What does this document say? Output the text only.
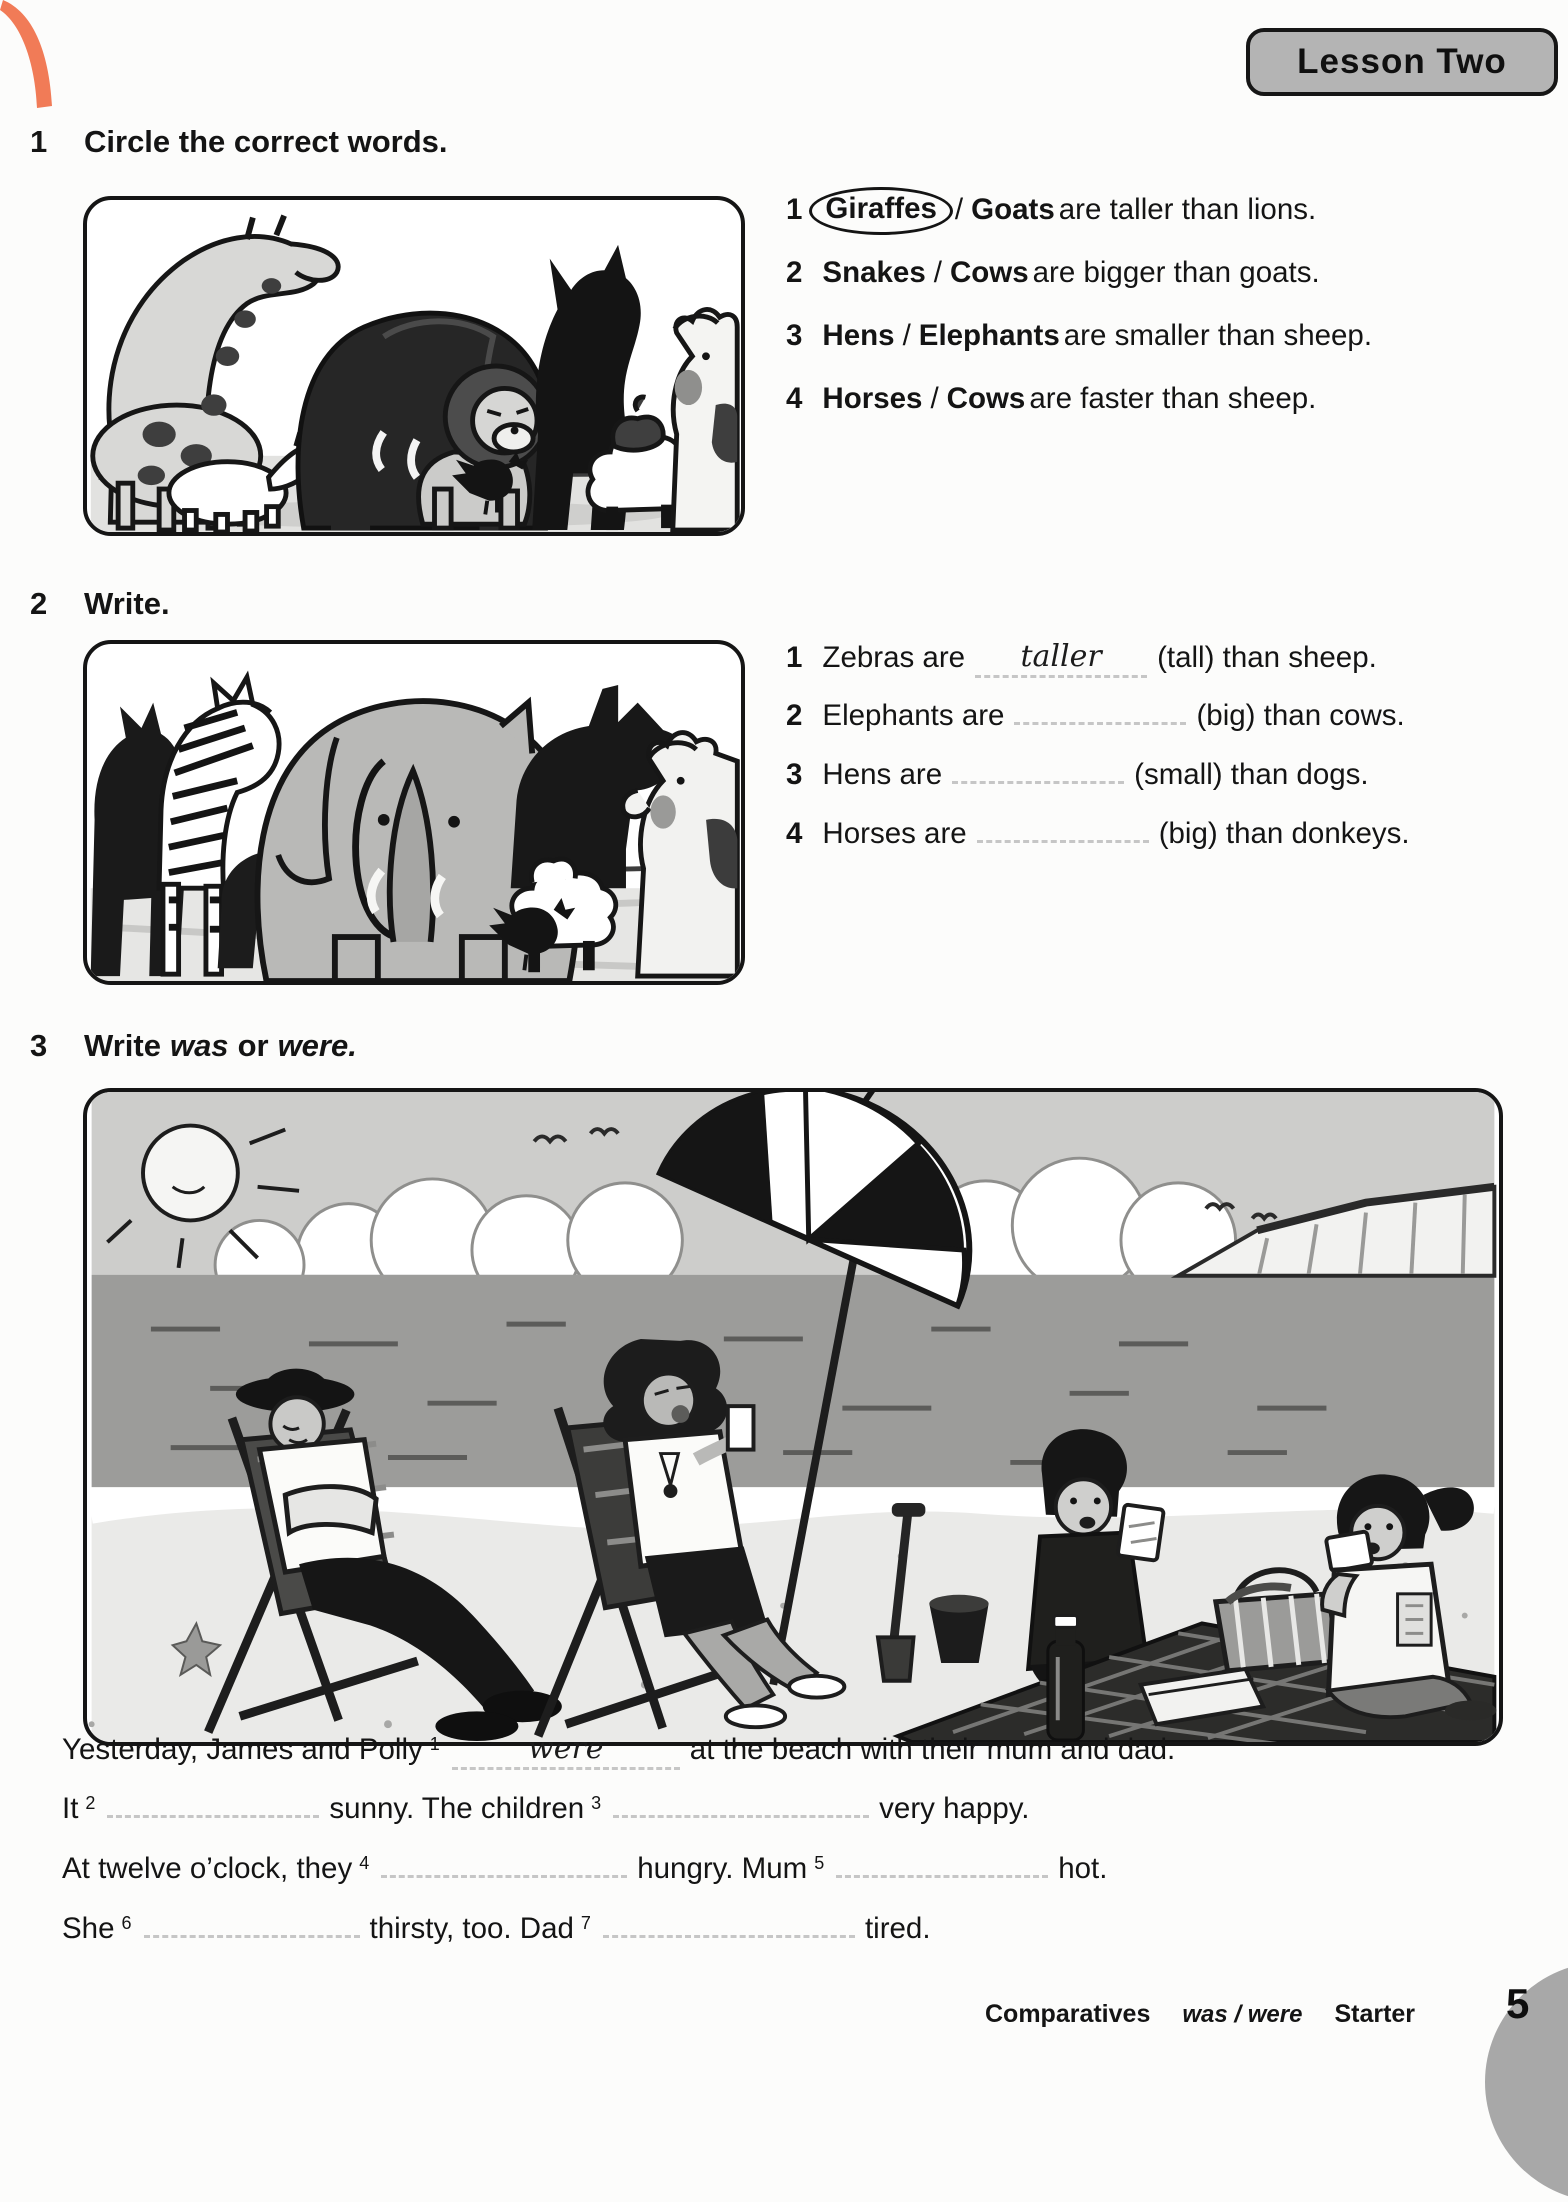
Lesson Two
1	Circle the correct words.
1 Giraffes / Goats are taller than lions.
2 Snakes / Cows are bigger than goats.
3 Hens / Elephants are smaller than sheep.
4 Horses / Cows are faster than sheep.
2	Write.
1 Zebras are	taller	(tall) than sheep.
2 Elephants are	(big) than cows.
3 Hens are	(small) than dogs.
4 Horses are	(big) than donkeys.
3	Write was or were.
Yesterday, James and Polly $^1$	were	at the beach with their mum and dad.
It $^2$	sunny. The children $^3$	very happy.
At twelve o’clock, they $^4$	hungry. Mum $^5$	hot.
She $^6$	thirsty, too. Dad $^7$	tired.
Comparatives was / were Starter 5
